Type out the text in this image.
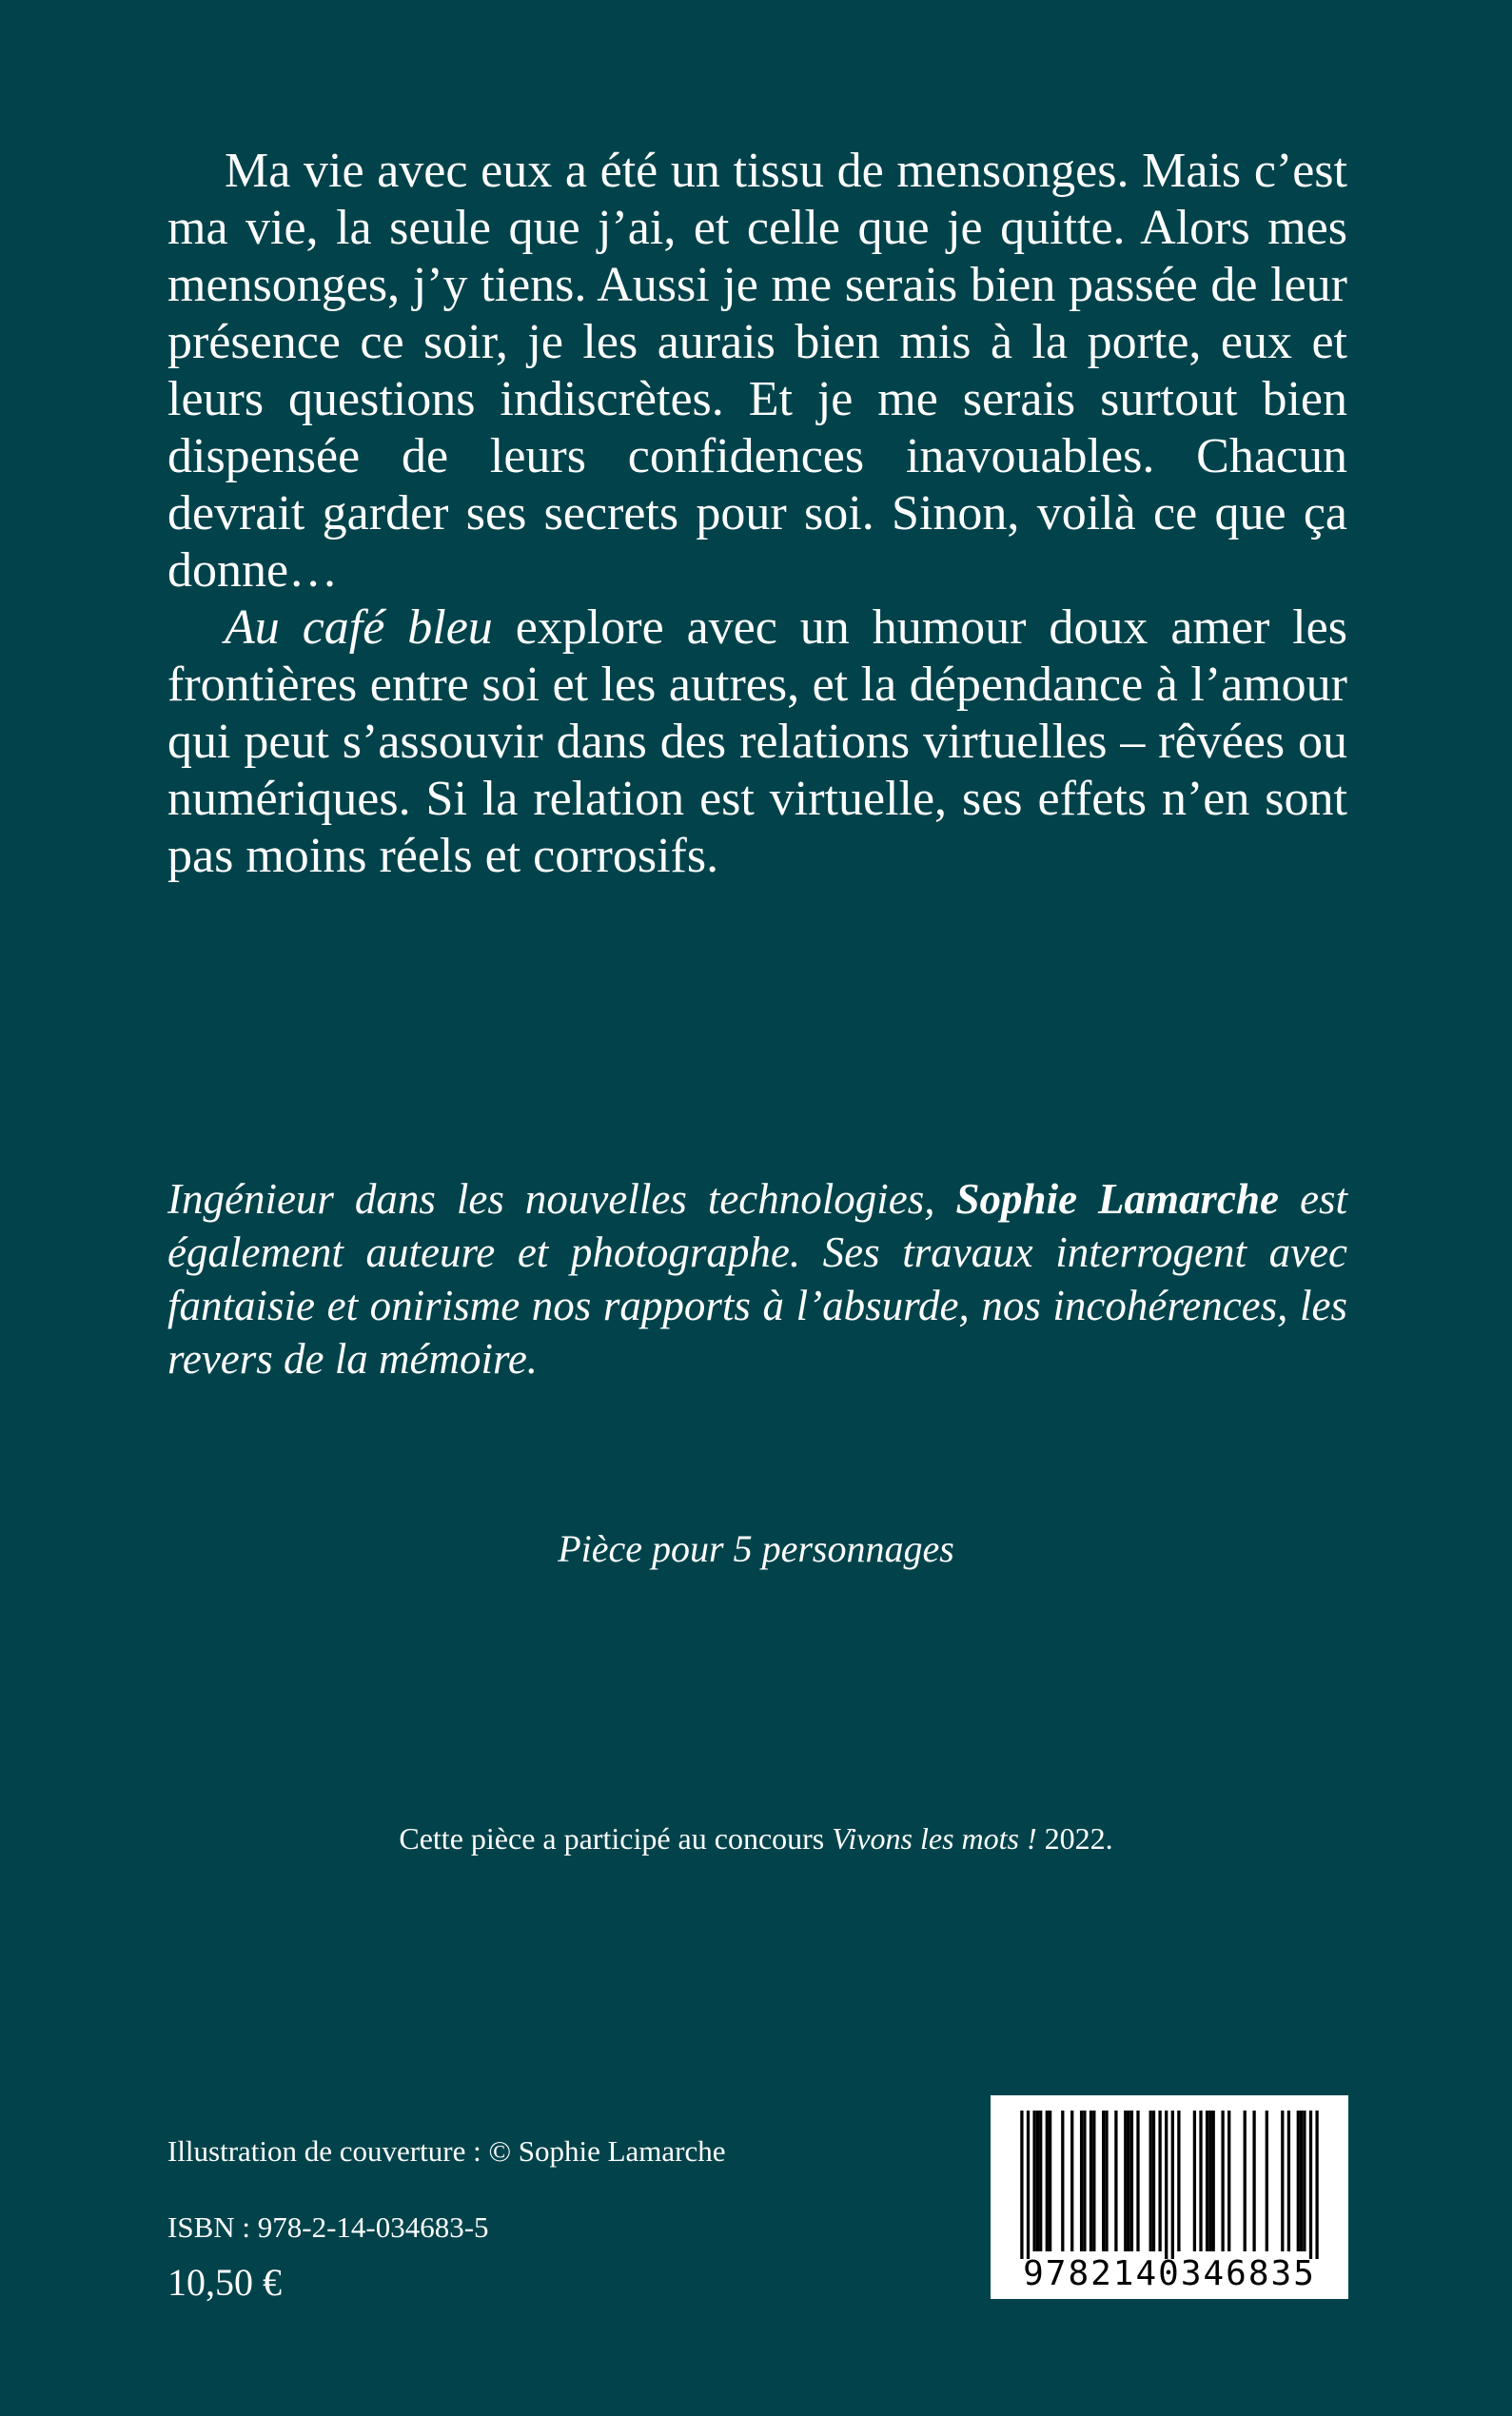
Ma vie avec eux a été un tissu de mensonges. Mais c’est ma vie, la seule que j’ai, et celle que je quitte. Alors mes mensonges, j’y tiens. Aussi je me serais bien passée de leur présence ce soir, je les aurais bien mis à la porte, eux et leurs questions indiscrètes. Et je me serais surtout bien dispensée de leurs confidences inavouables. Chacun devrait garder ses secrets pour soi. Sinon, voilà ce que ça donne…

Au café bleu explore avec un humour doux amer les frontières entre soi et les autres, et la dépendance à l’amour qui peut s’assouvir dans des relations virtuelles – rêvées ou numériques. Si la relation est virtuelle, ses effets n’en sont pas moins réels et corrosifs.

Ingénieur dans les nouvelles technologies, Sophie Lamarche est également auteure et photographe. Ses travaux interrogent avec fantaisie et onirisme nos rapports à l’absurde, nos incohérences, les revers de la mémoire.

Pièce pour 5 personnages
Cette pièce a participé au concours Vivons les mots ! 2022.
Illustration de couverture : © Sophie Lamarche
ISBN : 978-2-14-034683-5
10,50 €	9782140346835
